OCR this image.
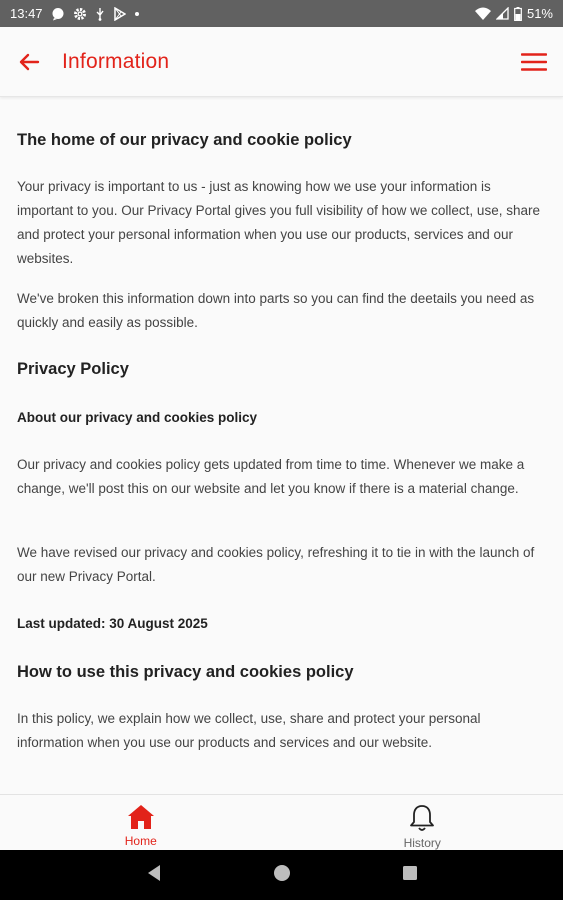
13:47	51%
Information
The home of our privacy and cookie policy
Your privacy is important to us - just as knowing how we use your information is important to you. Our Privacy Portal gives you full visibility of how we collect, use, share and protect your personal information when you use our products, services and our websites.
We've broken this information down into parts so you can find the deetails you need as quickly and easily as possible.
Privacy Policy
About our privacy and cookies policy
Our privacy and cookies policy gets updated from time to time. Whenever we make a change, we'll post this on our website and let you know if there is a material change.
We have revised our privacy and cookies policy, refreshing it to tie in with the launch of our new Privacy Portal.
Last updated: 30 August 2025
How to use this privacy and cookies policy
In this policy, we explain how we collect, use, share and protect your personal information when you use our products and services and our website.
Home	History
